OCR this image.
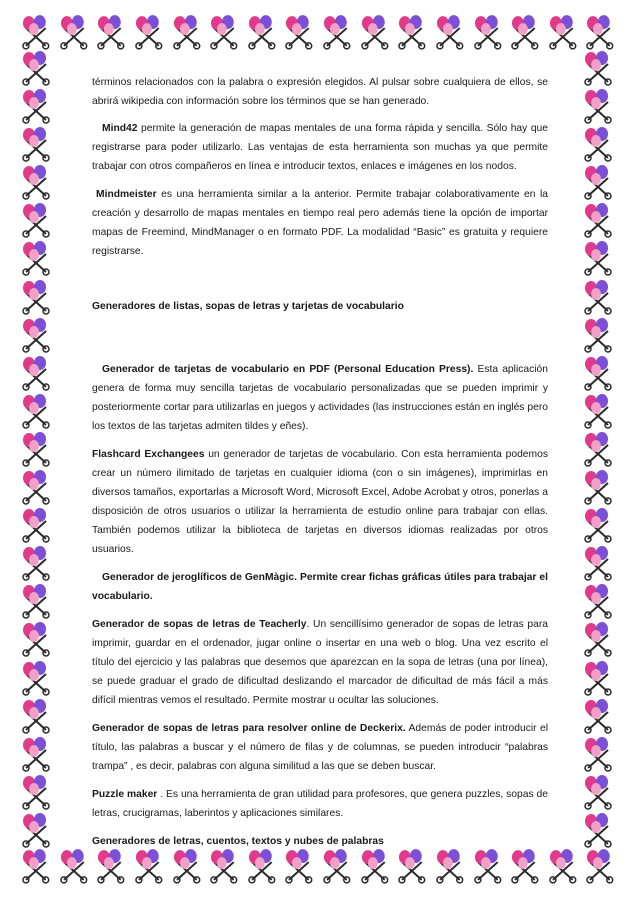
términos relacionados con la palabra o expresión elegidos. Al pulsar sobre cualquiera de ellos, se abrirá wikipedia con información sobre los términos que se han generado.

Mind42 permite la generación de mapas mentales de una forma rápida y sencilla. Sólo hay que registrarse para poder utilizarlo. Las ventajas de esta herramienta son muchas ya que permite trabajar con otros compañeros en línea e introducir textos, enlaces e imágenes en los nodos.

Mindmeister es una herramienta similar a la anterior. Permite trabajar colaborativamente en la creación y desarrollo de mapas mentales en tiempo real pero además tiene la opción de importar mapas de Freemind, MindManager o en formato PDF. La modalidad “Basic” es gratuita y requiere registrarse.

Generadores de listas, sopas de letras y tarjetas de vocabulario

Generador de tarjetas de vocabulario en PDF (Personal Education Press). Esta aplicación genera de forma muy sencilla tarjetas de vocabulario personalizadas que se pueden imprimir y posteriormente cortar para utilizarlas en juegos y actividades (las instrucciones están en inglés pero los textos de las tarjetas admiten tildes y eñes).

Flashcard Exchangees un generador de tarjetas de vocabulario. Con esta herramienta podemos crear un número ilimitado de tarjetas en cualquier idioma (con o sin imágenes), imprimirlas en diversos tamaños, exportarlas a Microsoft Word, Microsoft Excel, Adobe Acrobat y otros, ponerlas a disposición de otros usuarios o utilizar la herramienta de estudio online para trabajar con ellas. También podemos utilizar la biblioteca de tarjetas en diversos idiomas realizadas por otros usuarios.

Generador de jeroglíficos de GenMàgic. Permite crear fichas gráficas útiles para trabajar el vocabulario.

Generador de sopas de letras de Teacherly. Un sencillísimo generador de sopas de letras para imprimir, guardar en el ordenador, jugar online o insertar en una web o blog. Una vez escrito el título del ejercicio y las palabras que desemos que aparezcan en la sopa de letras (una por línea), se puede graduar el grado de dificultad deslizando el marcador de dificultad de más fácil a más difícil mientras vemos el resultado. Permite mostrar u ocultar las soluciones.

Generador de sopas de letras para resolver online de Deckerix. Además de poder introducir el título, las palabras a buscar y el número de filas y de columnas, se pueden introducir “palabras trampa” , es decir, palabras con alguna similitud a las que se deben buscar.

Puzzle maker . Es una herramienta de gran utilidad para profesores, que genera puzzles, sopas de letras, crucigramas, laberintos y aplicaciones similares.

Generadores de letras, cuentos, textos y nubes de palabras
